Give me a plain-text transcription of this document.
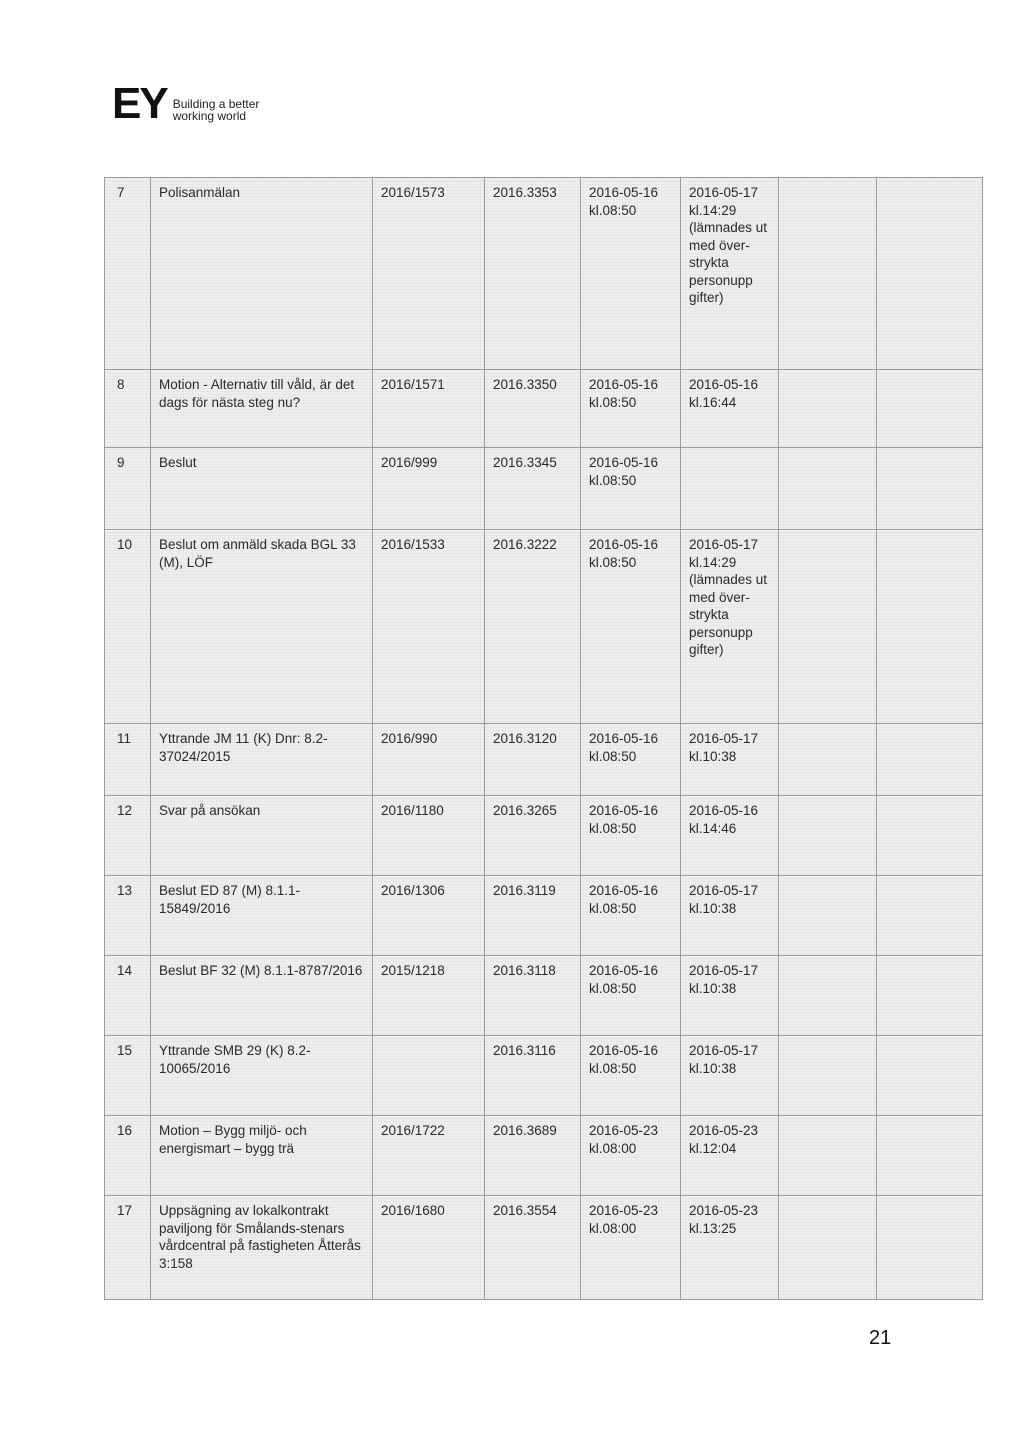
EY Building a better
working world
7	Polisanmälan	2016/1573	2016.3353	2016-05-16 kl.08:50	2016-05-17 kl.14:29 (lämnades ut med över-strykta personupp gifter)		
8	Motion - Alternativ till våld, är det dags för nästa steg nu?	2016/1571	2016.3350	2016-05-16 kl.08:50	2016-05-16 kl.16:44		
9	Beslut	2016/999	2016.3345	2016-05-16 kl.08:50			
10	Beslut om anmäld skada BGL 33 (M), LÖF	2016/1533	2016.3222	2016-05-16 kl.08:50	2016-05-17 kl.14:29 (lämnades ut med över-strykta personupp gifter)		
11	Yttrande JM 11 (K) Dnr: 8.2-37024/2015	2016/990	2016.3120	2016-05-16 kl.08:50	2016-05-17 kl.10:38		
12	Svar på ansökan	2016/1180	2016.3265	2016-05-16 kl.08:50	2016-05-16 kl.14:46		
13	Beslut ED 87 (M) 8.1.1-15849/2016	2016/1306	2016.3119	2016-05-16 kl.08:50	2016-05-17 kl.10:38		
14	Beslut BF 32 (M) 8.1.1-8787/2016	2015/1218	2016.3118	2016-05-16 kl.08:50	2016-05-17 kl.10:38		
15	Yttrande SMB 29 (K) 8.2-10065/2016		2016.3116	2016-05-16 kl.08:50	2016-05-17 kl.10:38		
16	Motion – Bygg miljö- och energismart – bygg trä	2016/1722	2016.3689	2016-05-23 kl.08:00	2016-05-23 kl.12:04		
17	Uppsägning av lokalkontrakt paviljong för Smålands-stenars vårdcentral på fastigheten Åtterås 3:158	2016/1680	2016.3554	2016-05-23 kl.08:00	2016-05-23 kl.13:25		
21
